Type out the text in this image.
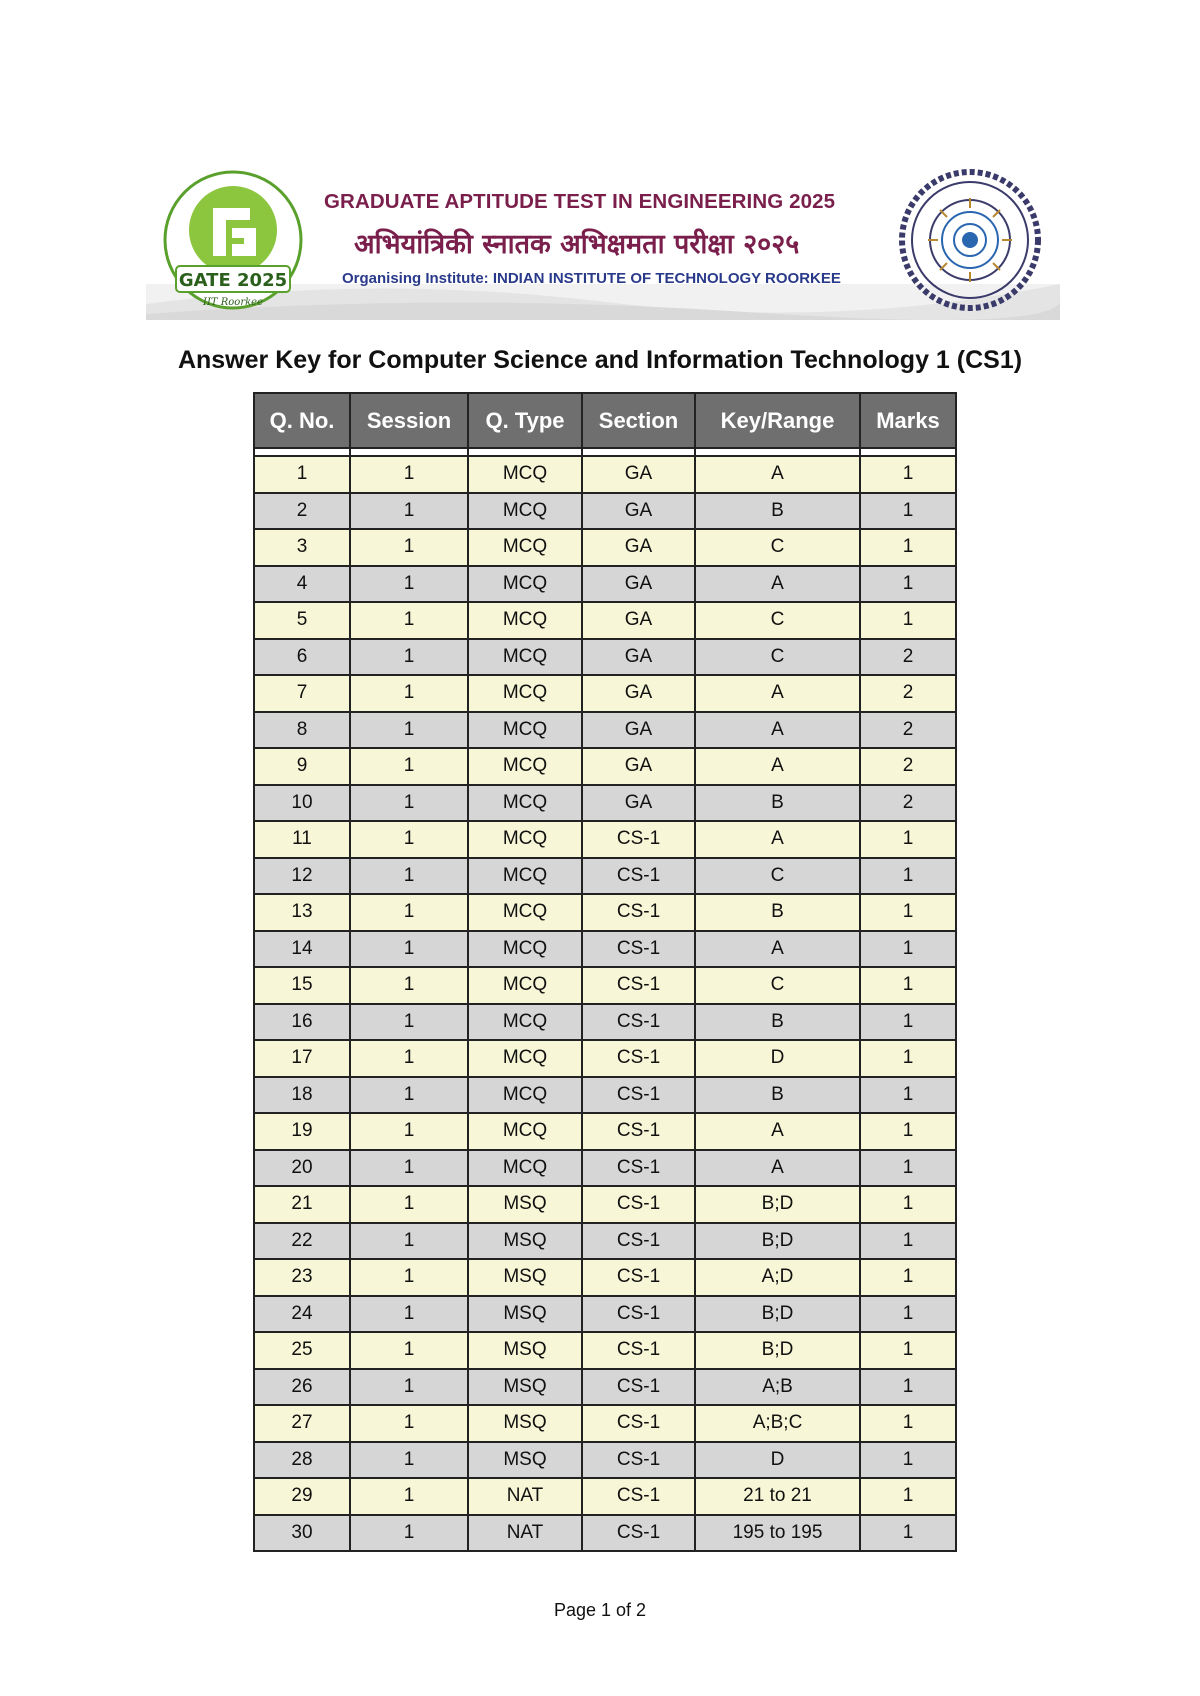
GATE 2025
IIT Roorkee
GRADUATE APTITUDE TEST IN ENGINEERING 2025
अभियांत्रिकी स्नातक अभिक्षमता परीक्षा २०२५
Organising Institute: INDIAN INSTITUTE OF TECHNOLOGY ROORKEE
Answer Key for Computer Science and Information Technology 1 (CS1)
Q. No.	Session	Q. Type	Section	Key/Range	Marks

1	1	MCQ	GA	A	1
2	1	MCQ	GA	B	1
3	1	MCQ	GA	C	1
4	1	MCQ	GA	A	1
5	1	MCQ	GA	C	1
6	1	MCQ	GA	C	2
7	1	MCQ	GA	A	2
8	1	MCQ	GA	A	2
9	1	MCQ	GA	A	2
10	1	MCQ	GA	B	2
11	1	MCQ	CS-1	A	1
12	1	MCQ	CS-1	C	1
13	1	MCQ	CS-1	B	1
14	1	MCQ	CS-1	A	1
15	1	MCQ	CS-1	C	1
16	1	MCQ	CS-1	B	1
17	1	MCQ	CS-1	D	1
18	1	MCQ	CS-1	B	1
19	1	MCQ	CS-1	A	1
20	1	MCQ	CS-1	A	1
21	1	MSQ	CS-1	B;D	1
22	1	MSQ	CS-1	B;D	1
23	1	MSQ	CS-1	A;D	1
24	1	MSQ	CS-1	B;D	1
25	1	MSQ	CS-1	B;D	1
26	1	MSQ	CS-1	A;B	1
27	1	MSQ	CS-1	A;B;C	1
28	1	MSQ	CS-1	D	1
29	1	NAT	CS-1	21 to 21	1
30	1	NAT	CS-1	195 to 195	1
Page 1 of 2
